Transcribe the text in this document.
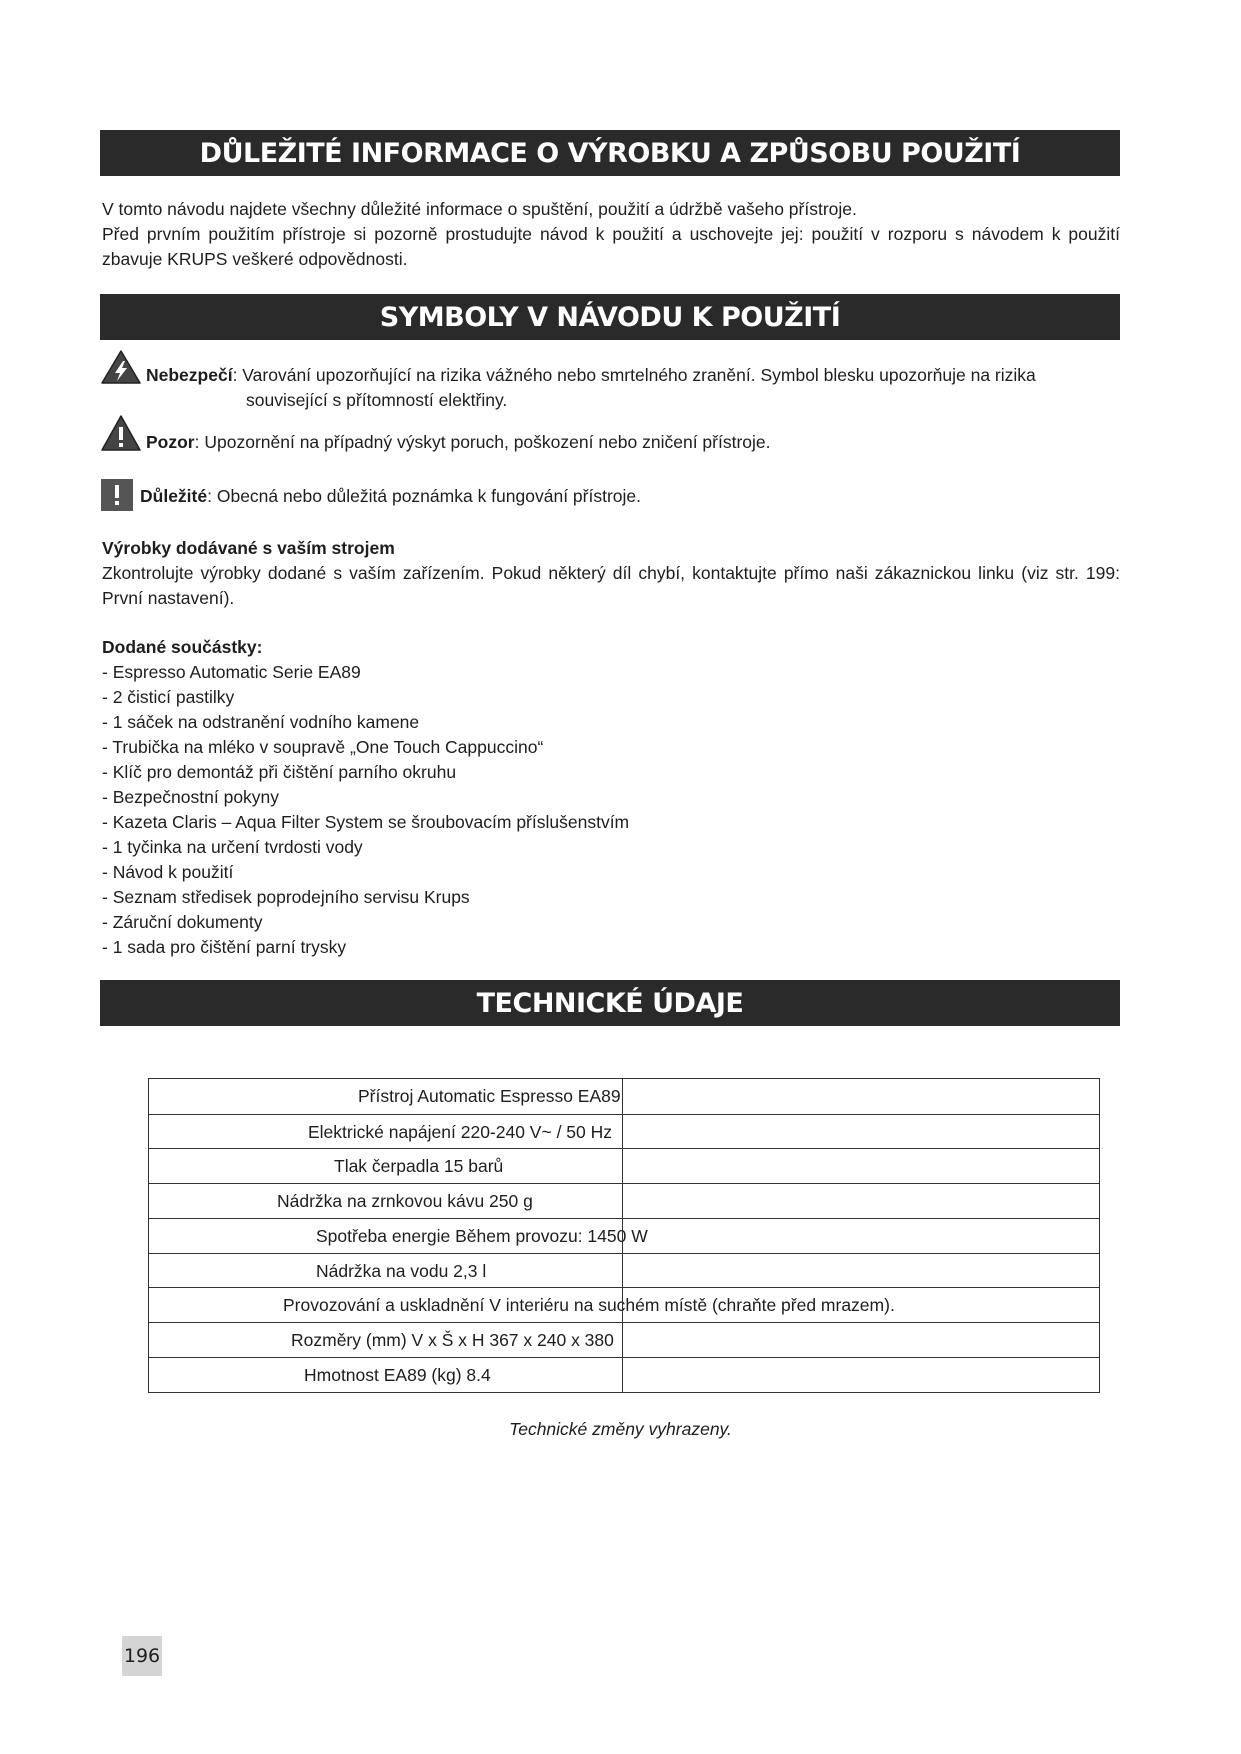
DŮLEŽITÉ INFORMACE O VÝROBKU A ZPŮSOBU POUŽITÍ

V tomto návodu najdete všechny důležité informace o spuštění, použití a údržbě vašeho přístroje.

Před prvním použitím přístroje si pozorně prostudujte návod k použití a uschovejte jej: použití v rozporu s návodem k použití zbavuje KRUPS veškeré odpovědnosti.

SYMBOLY V NÁVODU K POUŽITÍ
Nebezpečí: Varování upozorňující na rizika vážného nebo smrtelného zranění. Symbol blesku upozorňuje na rizika
související s přítomností elektřiny.
Pozor: Upozornění na případný výskyt poruch, poškození nebo zničení přístroje.
Důležité: Obecná nebo důležitá poznámka k fungování přístroje.

Výrobky dodávané s vaším strojem

Zkontrolujte výrobky dodané s vaším zařízením. Pokud některý díl chybí, kontaktujte přímo naši zákaznickou linku (viz str. 199: První nastavení).

Dodané součástky:

- Espresso Automatic Serie EA89
- 2 čisticí pastilky
- 1 sáček na odstranění vodního kamene
- Trubička na mléko v soupravě „One Touch Cappuccino“
- Klíč pro demontáž při čištění parního okruhu
- Bezpečnostní pokyny
- Kazeta Claris – Aqua Filter System se šroubovacím příslušenstvím
- 1 tyčinka na určení tvrdosti vody
- Návod k použití
- Seznam středisek poprodejního servisu Krups
- Záruční dokumenty
- 1 sada pro čištění parní trysky
TECHNICKÉ ÚDAJE
Přístroj Automatic Espresso EA89
Elektrické napájení 220-240 V~ / 50 Hz
Tlak čerpadla 15 barů
Nádržka na zrnkovou kávu 250 g
Spotřeba energie Během provozu: 1450 W
Nádržka na vodu 2,3 l
Provozování a uskladnění V interiéru na suchém místě (chraňte před mrazem).
Rozměry (mm) V x Š x H 367 x 240 x 380
Hmotnost EA89 (kg) 8.4
Technické změny vyhrazeny.
196
